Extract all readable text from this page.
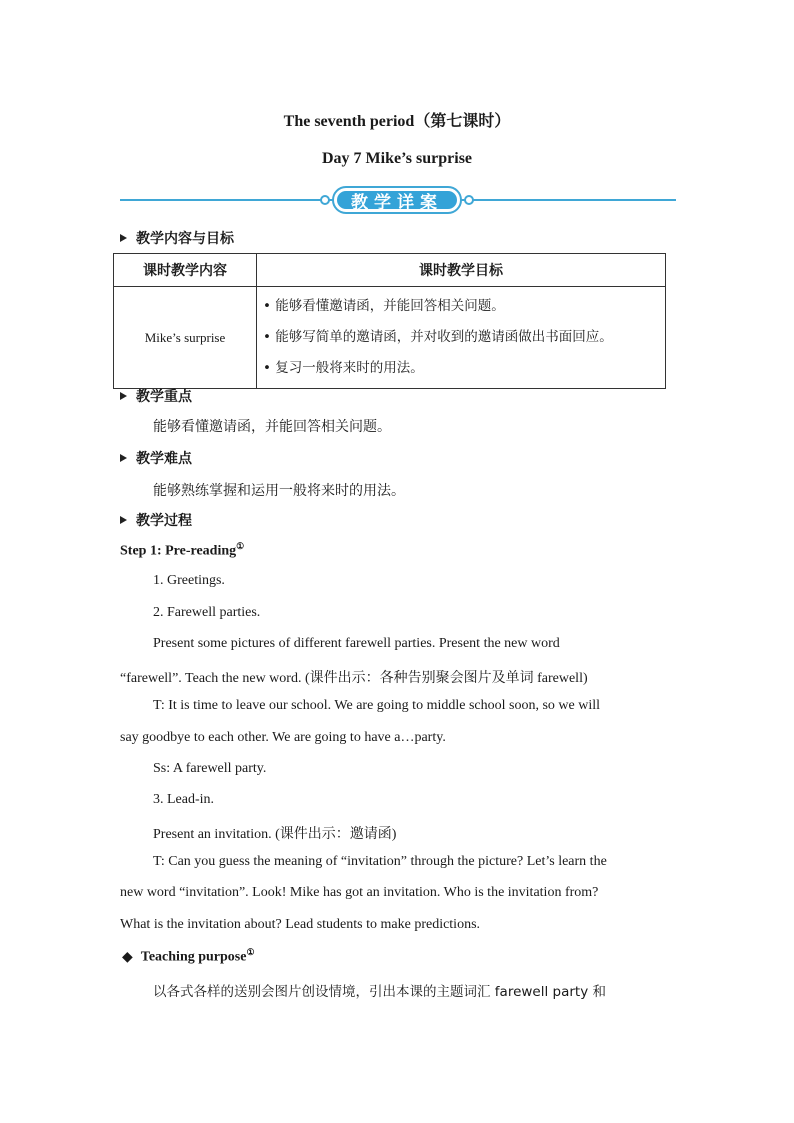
The seventh period（第七课时）
Day 7 Mike’s surprise
教学详案
教学内容与目标
课时教学内容	课时教学目标
Mike’s surprise	• 能够看懂邀请函，并能回答相关问题。
• 能够写简单的邀请函，并对收到的邀请函做出书面回应。
• 复习一般将来时的用法。
教学重点
能够看懂邀请函，并能回答相关问题。
教学难点
能够熟练掌握和运用一般将来时的用法。
教学过程
Step 1: Pre-reading①
1. Greetings.
2. Farewell parties.
Present some pictures of different farewell parties. Present the new word
“farewell”. Teach the new word. (课件出示：各种告别聚会图片及单词 farewell)
T: It is time to leave our school. We are going to middle school soon, so we will
say goodbye to each other. We are going to have a…party.
Ss: A farewell party.
3. Lead-in.
Present an invitation. (课件出示：邀请函)
T: Can you guess the meaning of “invitation” through the picture? Let’s learn the
new word “invitation”. Look! Mike has got an invitation. Who is the invitation from?
What is the invitation about? Lead students to make predictions.
◆ Teaching purpose①
以各式各样的送别会图片创设情境，引出本课的主题词汇 farewell party 和
